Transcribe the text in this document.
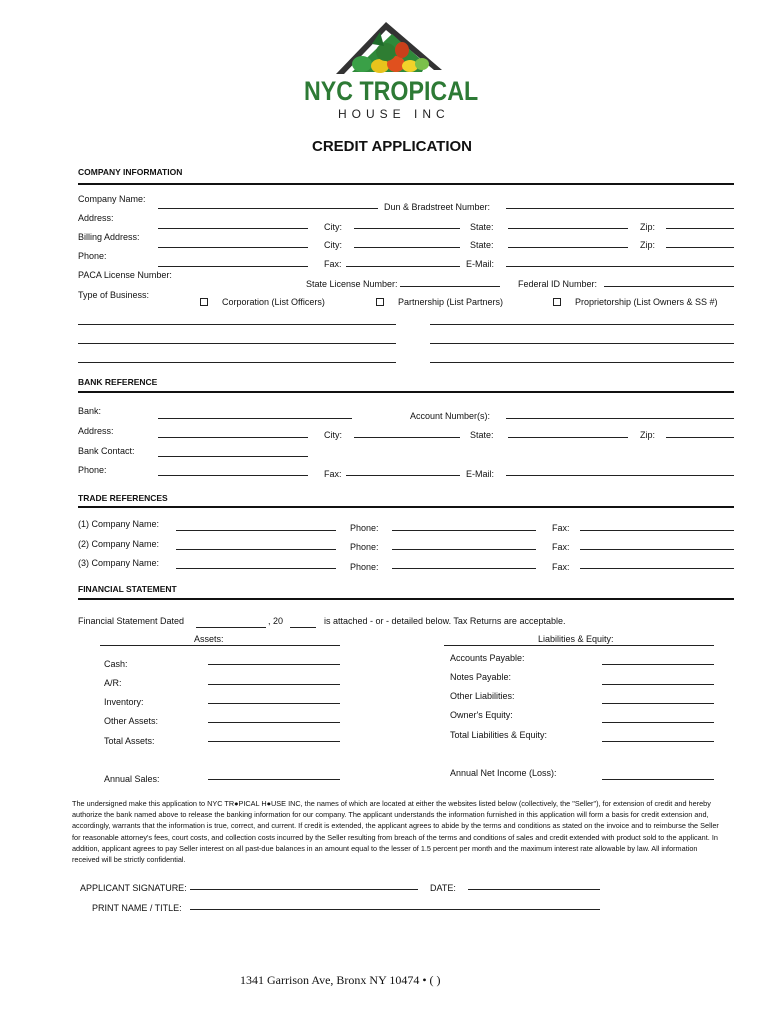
NYC TROPICAL
HOUSE INC
CREDIT APPLICATION
COMPANY INFORMATION
Company Name:
Dun & Bradstreet Number:
Address:
City:	State:	Zip:
Billing Address:
City:	State:	Zip:
Phone:
Fax:	E-Mail:
PACA License Number:
State License Number:	Federal ID Number:
Type of Business:
Corporation (List Officers)	Partnership (List Partners)	Proprietorship (List Owners & SS #)
BANK REFERENCE
Bank:	Account Number(s):
Address:	City:	State:	Zip:
Bank Contact:
Phone:	Fax:	E-Mail:
TRADE REFERENCES
(1) Company Name:	Phone:	Fax:
(2) Company Name:	Phone:	Fax:
(3) Company Name:	Phone:	Fax:
FINANCIAL STATEMENT
Financial Statement Dated	, 20	is attached - or - detailed below. Tax Returns are acceptable.
Assets:	Liabilities & Equity:
Cash:
A/R:
Inventory:
Other Assets:
Total Assets:
Accounts Payable:
Notes Payable:
Other Liabilities:
Owner's Equity:
Total Liabilities & Equity:
Annual Sales:
Annual Net Income (Loss):
The undersigned make this application to NYC TR●PICAL H●USE INC, the names of which are located at either the websites listed below (collectively, the "Seller"), for extension of credit and hereby authorize the bank named above to release the banking information for our company. The applicant understands the information furnished in this application will form a basis for credit extension and, accordingly, warrants that the information is true, correct, and current. If credit is extended, the applicant agrees to abide by the terms and conditions as stated on the invoice and to reimburse the Seller for reasonable attorney's fees, court costs, and collection costs incurred by the Seller resulting from breach of the terms and conditions of sales and credit extended with product sold to the applicant. In addition, applicant agrees to pay Seller interest on all past-due balances in an amount equal to the lesser of 1.5 percent per month and the maximum interest rate allowable by law. All information received will be strictly confidential.
APPLICANT SIGNATURE:	DATE:
PRINT NAME / TITLE:
1341 Garrison Ave, Bronx NY 10474 • ( )
